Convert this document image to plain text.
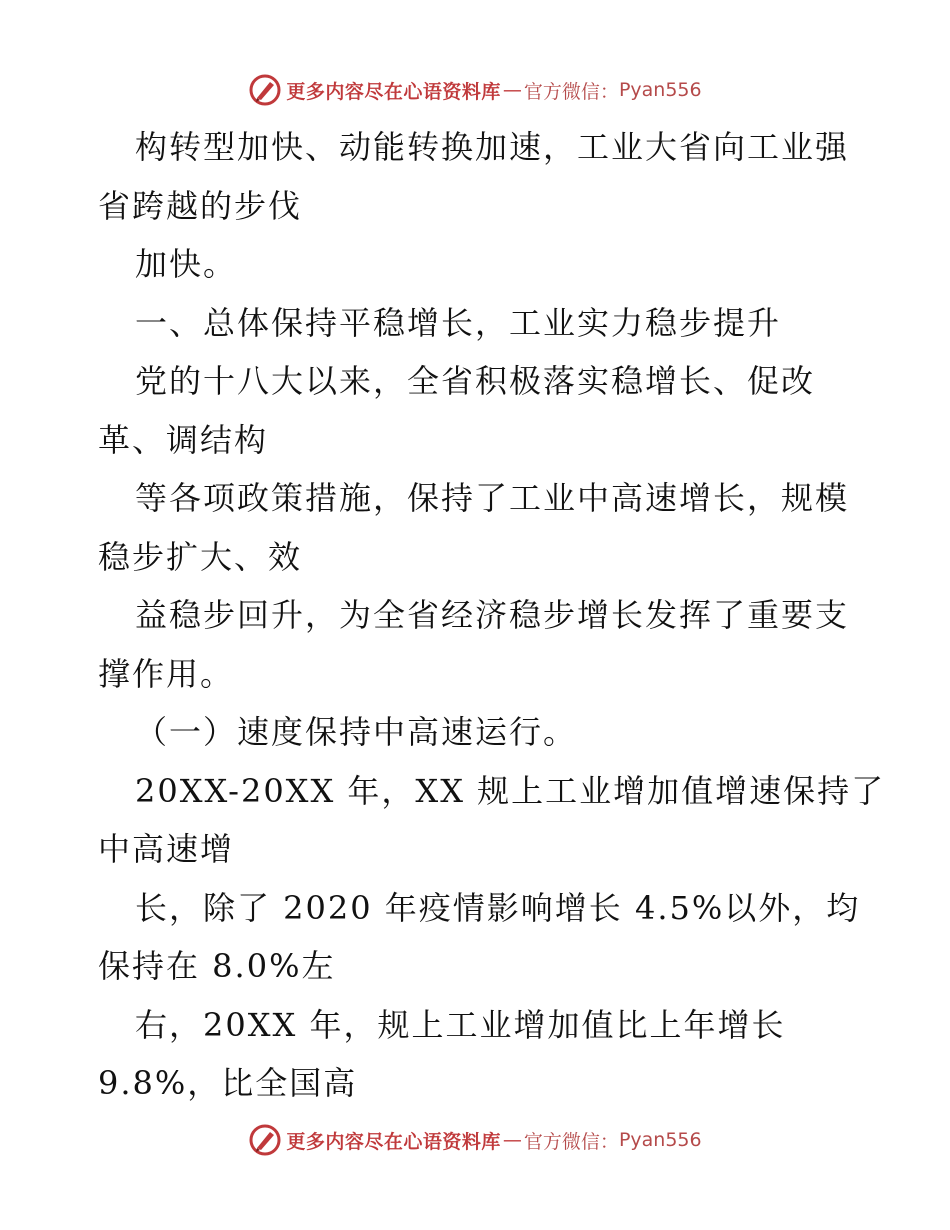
更多内容尽在心语资料库 — 官方微信： Pyan556
构转型加快、动能转换加速，工业大省向工业强
省跨越的步伐
加快。
一、总体保持平稳增长，工业实力稳步提升
党的十八大以来，全省积极落实稳增长、促改
革、调结构
等各项政策措施，保持了工业中高速增长，规模
稳步扩大、效
益稳步回升，为全省经济稳步增长发挥了重要支
撑作用。
（一）速度保持中高速运行。
20XX-20XX 年，XX 规上工业增加值增速保持了
中高速增
长，除了 2020 年疫情影响增长 4.5%以外，均
保持在 8.0%左
右，20XX 年，规上工业增加值比上年增长
9.8%，比全国高
更多内容尽在心语资料库 — 官方微信： Pyan556
